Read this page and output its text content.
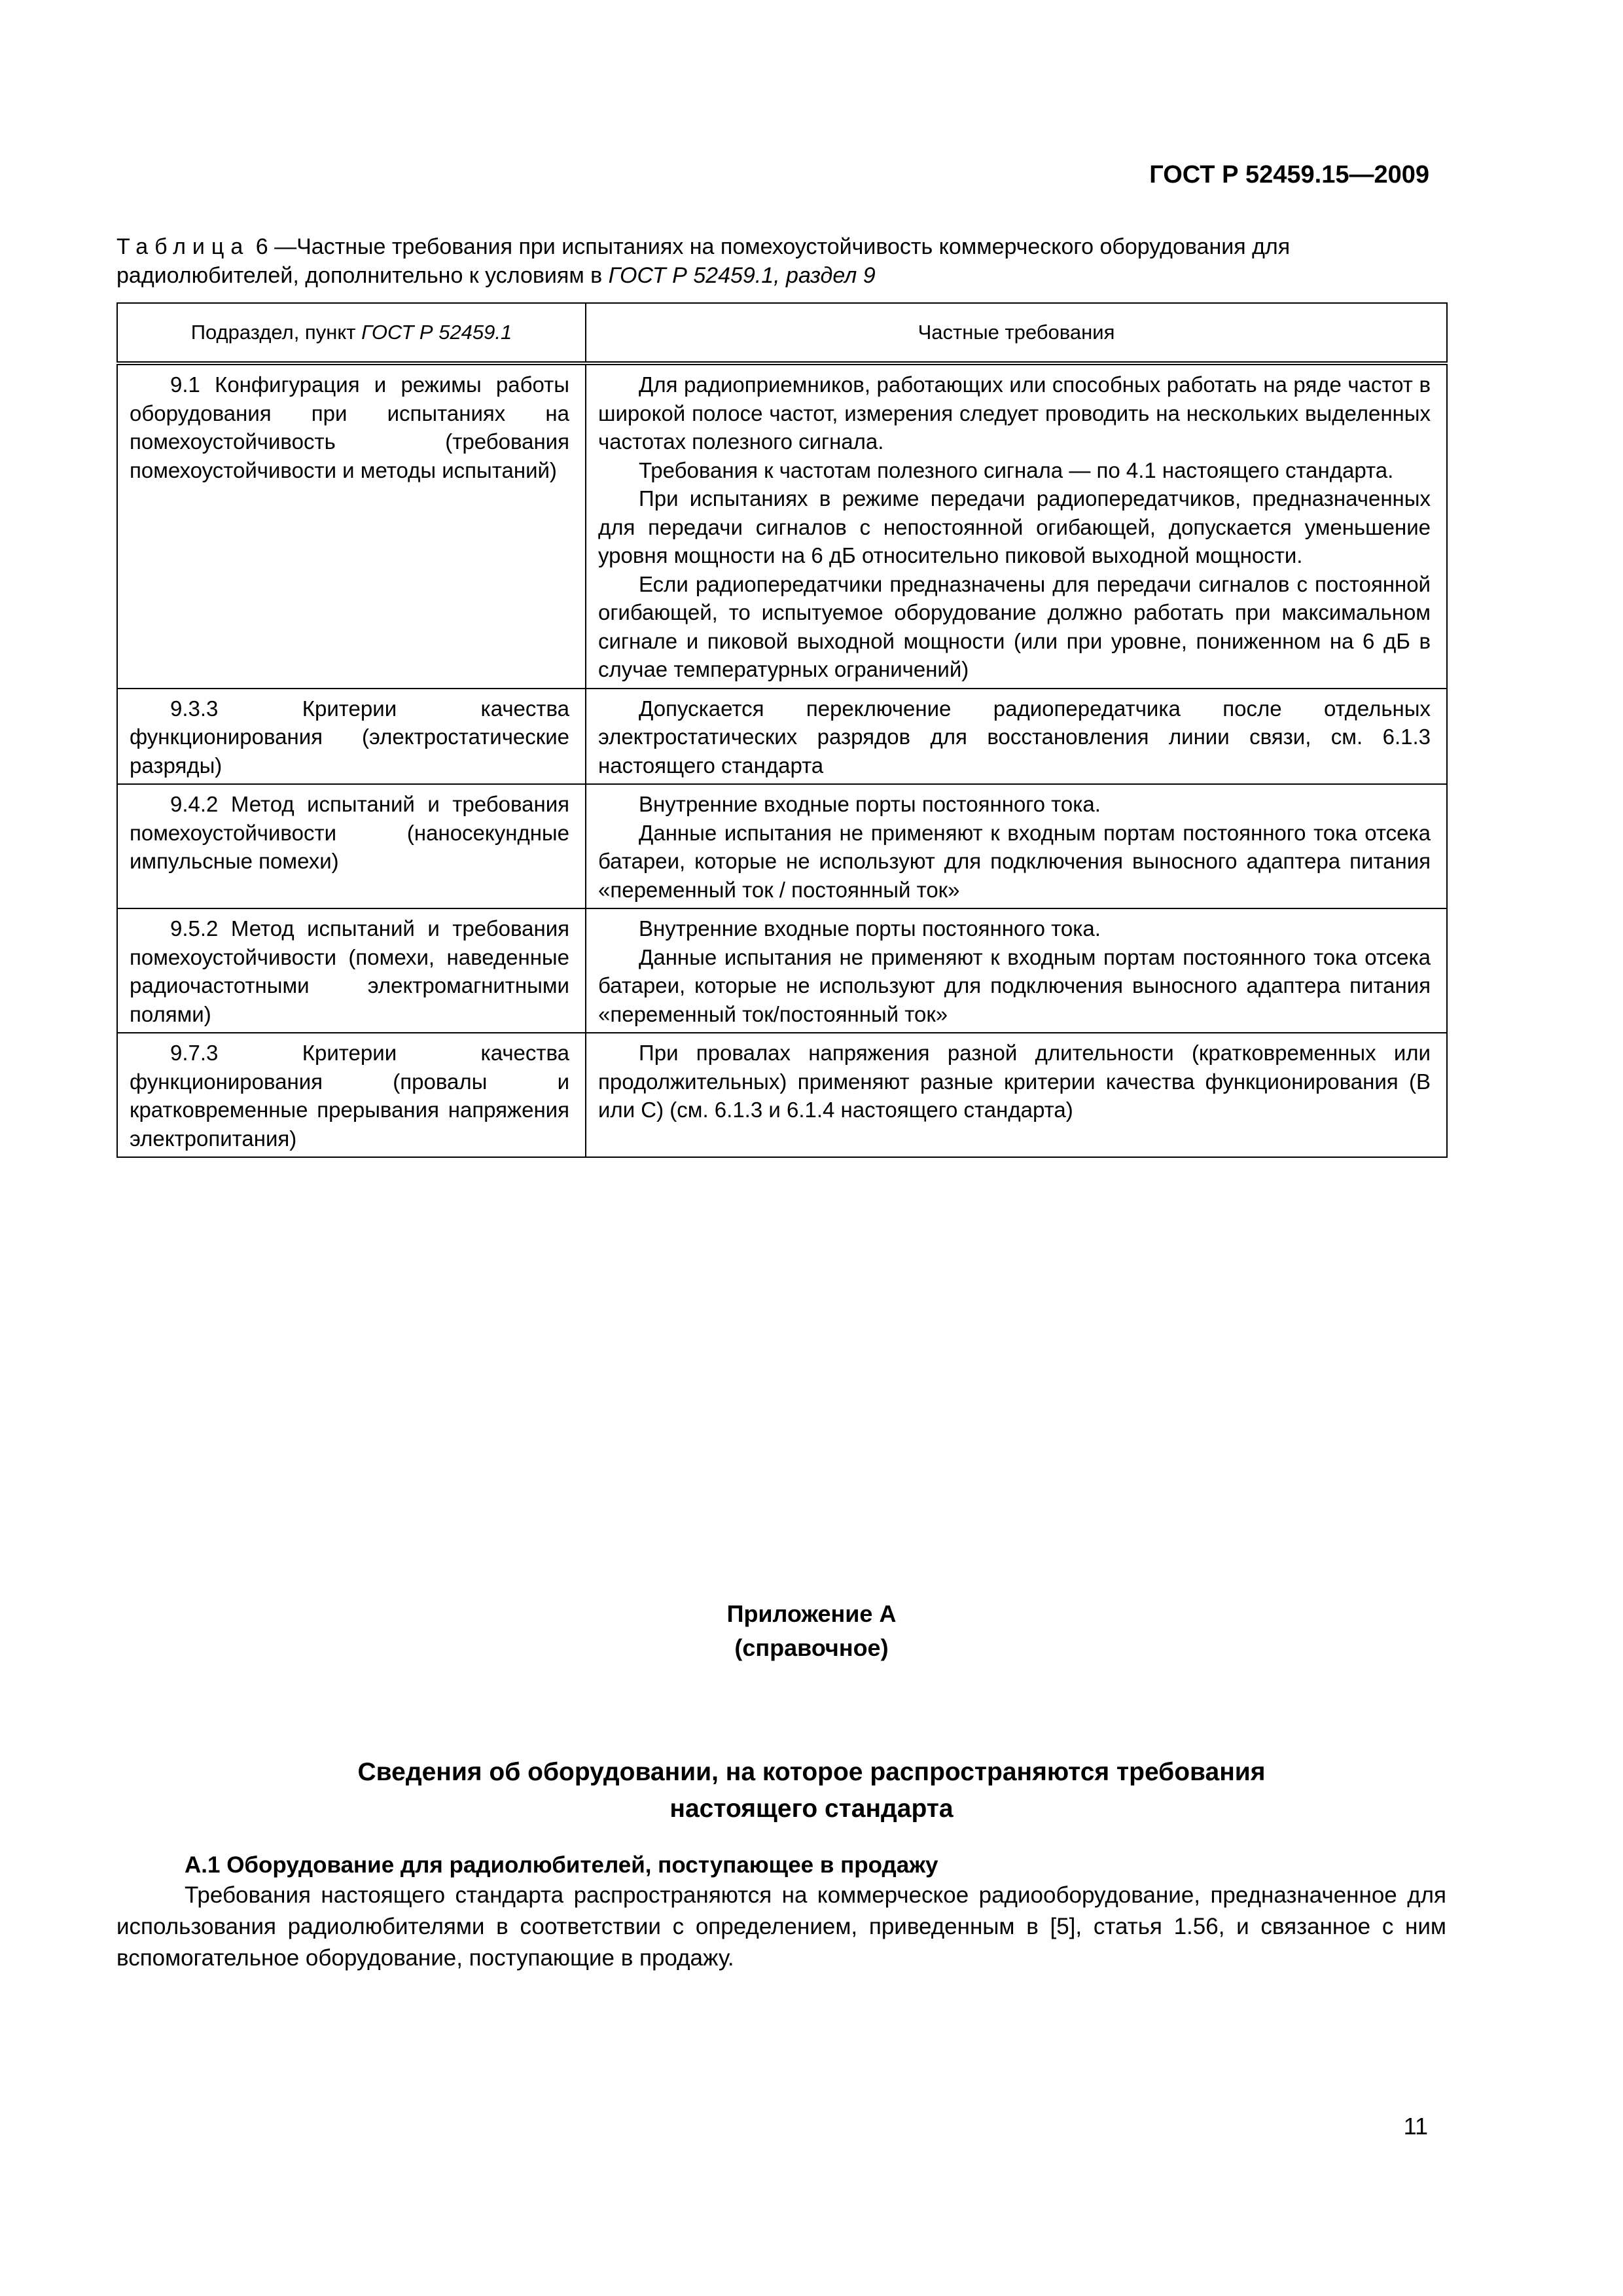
ГОСТ Р 52459.15—2009
Таблица 6 —Частные требования при испытаниях на помехоустойчивость коммерческого оборудования для радиолюбителей, дополнительно к условиям в ГОСТ Р 52459.1, раздел 9
Подраздел, пункт ГОСТ Р 52459.1	Частные требования

9.1 Конфигурация и режимы работы оборудования при испытаниях на помехоустойчивость (требования помехоустойчивости и методы испытаний)	Для радиоприемников, работающих или способных работать на ряде частот в широкой полосе частот, измерения следует проводить на нескольких выделенных частотах полезного сигнала.

Требования к частотам полезного сигнала — по 4.1 настоящего стандарта.

При испытаниях в режиме передачи радиопередатчиков, предназначенных для передачи сигналов с непостоянной огибающей, допускается уменьшение уровня мощности на 6 дБ относительно пиковой выходной мощности.

Если радиопередатчики предназначены для передачи сигналов с постоянной огибающей, то испытуемое оборудование должно работать при максимальном сигнале и пиковой выходной мощности (или при уровне, пониженном на 6 дБ в случае температурных ограничений)

9.3.3 Критерии качества функционирования (электростатические разряды)	Допускается переключение радиопередатчика после отдельных электростатических разрядов для восстановления линии связи, см. 6.1.3 настоящего стандарта

9.4.2 Метод испытаний и требования помехоустойчивости (наносекундные импульсные помехи)	Внутренние входные порты постоянного тока.

Данные испытания не применяют к входным портам постоянного тока отсека батареи, которые не используют для подключения выносного адаптера питания «переменный ток / постоянный ток»

9.5.2 Метод испытаний и требования помехоустойчивости (помехи, наведенные радиочастотными электромагнитными полями)	Внутренние входные порты постоянного тока.

Данные испытания не применяют к входным портам постоянного тока отсека батареи, которые не используют для подключения выносного адаптера питания «переменный ток/постоянный ток»

9.7.3 Критерии качества функционирования (провалы и кратковременные прерывания напряжения электропитания)	При провалах напряжения разной длительности (кратковременных или продолжительных) применяют разные критерии качества функционирования (В или С) (см. 6.1.3 и 6.1.4 настоящего стандарта)

Приложение А
(справочное)
Сведения об оборудовании, на которое распространяются требования
настоящего стандарта
А.1 Оборудование для радиолюбителей, поступающее в продажу

Требования настоящего стандарта распространяются на коммерческое радиооборудование, предназначенное для использования радиолюбителями в соответствии с определением, приведенным в [5], статья 1.56, и связанное с ним вспомогательное оборудование, поступающие в продажу.

11
